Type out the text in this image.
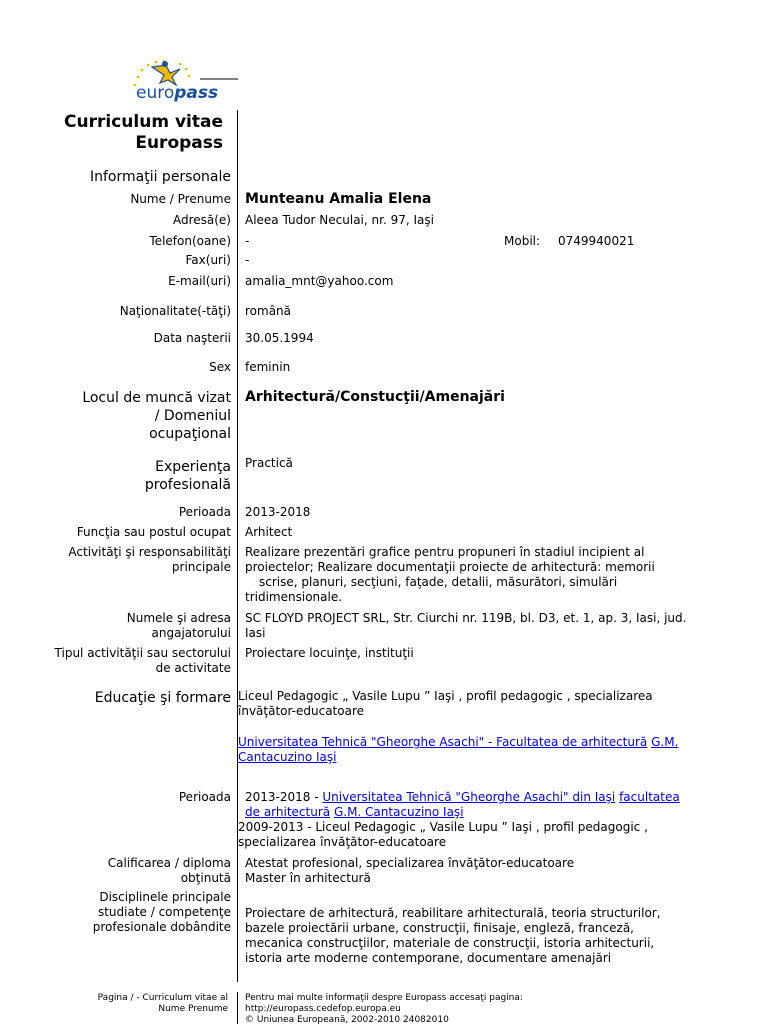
europass
Curriculum vitae
Europass
Informaţii personale
Nume / Prenume Munteanu Amalia Elena
Adresă(e) Aleea Tudor Neculai, nr. 97, Iaşi
Telefon(oane) -	Mobil: 0749940021
Fax(uri) -
E-mail(uri) amalia_mnt@yahoo.com
Naţionalitate(-tăţi) română
Data naşterii 30.05.1994
Sex feminin
Locul de muncă vizat
/ Domeniul
ocupaţional
Arhitectură/Constucţii/Amenajări
Experienţa
profesională
Practică
Perioada 2013-2018
Funcţia sau postul ocupat Arhitect
Activităţi şi responsabilităţi
principale
Realizare prezentări grafice pentru propuneri în stadiul incipient al
proiectelor; Realizare documentaţii proiecte de arhitectură: memorii
scrise, planuri, secţiuni, faţade, detalii, măsurători, simulări
tridimensionale.
Numele şi adresa
angajatorului
SC FLOYD PROJECT SRL, Str. Ciurchi nr. 119B, bl. D3, et. 1, ap. 3, Iasi, jud.
Iasi
Tipul activităţii sau sectorului
de activitate
Proiectare locuinţe, instituţii
Educaţie şi formare Liceul Pedagogic „ Vasile Lupu ” Iaşi , profil pedagogic , specializarea
învăţător-educatoare
Universitatea Tehnică "Gheorghe Asachi" - Facultatea de arhitectură G.M.
Cantacuzino Iaşi
Perioada	2013-2018 - Universitatea Tehnică "Gheorghe Asachi" din Iaşi facultatea
de arhitectură G.M. Cantacuzino Iaşi
2009-2013 - Liceul Pedagogic „ Vasile Lupu ” Iaşi , profil pedagogic ,
specializarea învăţător-educatoare
Calificarea / diploma
obţinută
Atestat profesional, specializarea învăţător-educatoare
Master în arhitectură
Disciplinele principale
studiate / competenţe
profesionale dobândite
Proiectare de arhitectură, reabilitare arhitecturală, teoria structurilor,
bazele proiectării urbane, construcţii, finisaje, engleză, franceză,
mecanica construcţiilor, materiale de construcţii, istoria arhitecturii,
istoria arte moderne contemporane, documentare amenajări
Pagina / - Curriculum vitae al
Nume Prenume
Pentru mai multe informaţii despre Europass accesaţi pagina:
http://europass.cedefop.europa.eu
© Uniunea Europeană, 2002-2010 24082010
